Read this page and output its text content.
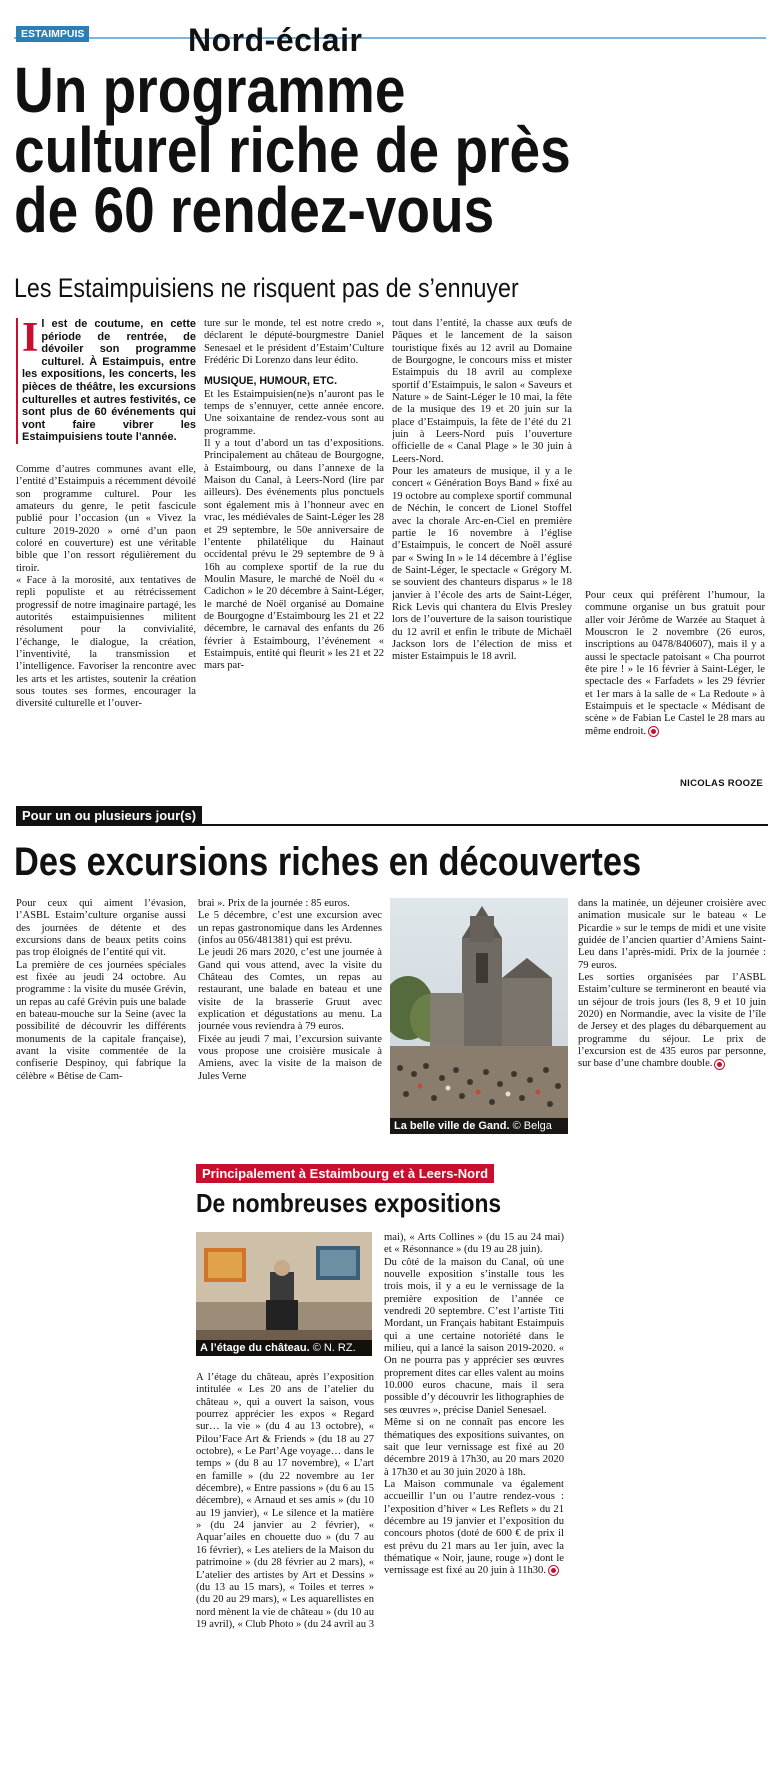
ESTAIMPUIS	Nord-éclair
Un programme
culturel riche de près
de 60 rendez-vous
Les Estaimpuisiens ne risquent pas de s’ennuyer
Il est de coutume, en cette période de rentrée, de dévoiler son programme culturel. À Estaimpuis, entre les expositions, les concerts, les pièces de théâtre, les excursions culturelles et autres festivités, ce sont plus de 60 événements qui vont faire vibrer les Estaimpuisiens toute l’année.

Comme d’autres communes avant elle, l’entité d’Estaimpuis a récemment dévoilé son programme culturel. Pour les amateurs du genre, le petit fascicule publié pour l’occasion (un « Vivez la culture 2019-2020 » orné d’un paon coloré en couverture) est une véritable bible que l’on ressort régulièrement du tiroir.

« Face à la morosité, aux tentatives de repli populiste et au rétrécissement progressif de notre imaginaire partagé, les autorités estaimpuisiennes militent résolument pour la convivialité, l’échange, le dialogue, la création, l’inventivité, la transmission et l’intelligence. Favoriser la rencontre avec les arts et les artistes, soutenir la création sous toutes ses formes, encourager la diversité culturelle et l’ouver-

ture sur le monde, tel est notre credo », déclarent le député-bourgmestre Daniel Senesael et le président d’Estaim’Culture Frédéric Di Lorenzo dans leur édito.

MUSIQUE, HUMOUR, ETC.

Et les Estaimpuisien(ne)s n’auront pas le temps de s’ennuyer, cette année encore. Une soixantaine de rendez-vous sont au programme.

Il y a tout d’abord un tas d’expositions. Principalement au château de Bourgogne, à Estaimbourg, ou dans l’annexe de la Maison du Canal, à Leers-Nord (lire par ailleurs). Des événements plus ponctuels sont également mis à l’honneur avec en vrac, les médiévales de Saint-Léger les 28 et 29 septembre, le 50e anniversaire de l’entente philatélique du Hainaut occidental prévu le 29 septembre de 9 à 16h au complexe sportif de la rue du Moulin Masure, le marché de Noël du « Cadichon » le 20 décembre à Saint-Léger, le marché de Noël organisé au Domaine de Bourgogne d’Estaimbourg les 21 et 22 décembre, le carnaval des enfants du 26 février à Estaimbourg, l’événement « Estaimpuis, entité qui fleurit » les 21 et 22 mars par-

tout dans l’entité, la chasse aux œufs de Pâques et le lancement de la saison touristique fixés au 12 avril au Domaine de Bourgogne, le concours miss et mister Estaimpuis du 18 avril au complexe sportif d’Estaimpuis, le salon « Saveurs et Nature » de Saint-Léger le 10 mai, la fête de la musique des 19 et 20 juin sur la place d’Estaimpuis, la fête de l’été du 21 juin à Leers-Nord puis l’ouverture officielle de « Canal Plage » le 30 juin à Leers-Nord.

Pour les amateurs de musique, il y a le concert « Génération Boys Band » fixé au 19 octobre au complexe sportif communal de Néchin, le concert de Lionel Stoffel avec la chorale Arc-en-Ciel en première partie le 16 novembre à l’église d’Estaimpuis, le concert de Noël assuré par « Swing In » le 14 décembre à l’église de Saint-Léger, le spectacle « Grégory M. se souvient des chanteurs disparus » le 18 janvier à l’école des arts de Saint-Léger, Rick Levis qui chantera du Elvis Presley lors de l’ouverture de la saison touristique du 12 avril et enfin le tribute de Michaël Jackson lors de l’élection de miss et mister Estaimpuis le 18 avril.

Pour ceux qui préfèrent l’humour, la commune organise un bus gratuit pour aller voir Jérôme de Warzée au Staquet à Mouscron le 2 novembre (26 euros, inscriptions au 0478/840607), mais il y a aussi le spectacle patoisant « Cha pourrot ête pire ! » le 16 février à Saint-Léger, le spectacle des « Farfadets » les 29 février et 1er mars à la salle de « La Redoute » à Estaimpuis et le spectacle « Médisant de scène » de Fabian Le Castel le 28 mars au même endroit.

NICOLAS ROOZE
Pour un ou plusieurs jour(s)
Des excursions riches en découvertes

Pour ceux qui aiment l’évasion, l’ASBL Estaim’culture organise aussi des journées de détente et des excursions dans de beaux petits coins pas trop éloignés de l’entité qui vit.

La première de ces journées spéciales est fixée au jeudi 24 octobre. Au programme : la visite du musée Grévin, un repas au café Grévin puis une balade en bateau-mouche sur la Seine (avec la possibilité de découvrir les différents monuments de la capitale française), avant la visite commentée de la confiserie Despinoy, qui fabrique la célèbre « Bêtise de Cam-

brai ». Prix de la journée : 85 euros.

Le 5 décembre, c’est une excursion avec un repas gastronomique dans les Ardennes (infos au 056/481381) qui est prévu.

Le jeudi 26 mars 2020, c’est une journée à Gand qui vous attend, avec la visite du Château des Comtes, un repas au restaurant, une balade en bateau et une visite de la brasserie Gruut avec explication et dégustations au menu. La journée vous reviendra à 79 euros.

Fixée au jeudi 7 mai, l’excursion suivante vous propose une croisière musicale à Amiens, avec la visite de la maison de Jules Verne

La belle ville de Gand. © Belga

dans la matinée, un déjeuner croisière avec animation musicale sur le bateau « Le Picardie » sur le temps de midi et une visite guidée de l’ancien quartier d’Amiens Saint-Leu dans l’après-midi. Prix de la journée : 79 euros.

Les sorties organisées par l’ASBL Estaim’culture se termineront en beauté via un séjour de trois jours (les 8, 9 et 10 juin 2020) en Normandie, avec la visite de l’île de Jersey et des plages du débarquement au programme du séjour. Le prix de l’excursion est de 435 euros par personne, sur base d’une chambre double.

Principalement à Estaimbourg et à Leers-Nord
De nombreuses expositions
A l’étage du château. © N. RZ.

A l’étage du château, après l’exposition intitulée « Les 20 ans de l’atelier du château », qui a ouvert la saison, vous pourrez apprécier les expos « Regard sur… la vie » (du 4 au 13 octobre), « Pilou’Face Art & Friends » (du 18 au 27 octobre), « Le Part’Age voyage… dans le temps » (du 8 au 17 novembre), « L’art en famille » (du 22 novembre au 1er décembre), « Entre passions » (du 6 au 15 décembre), « Arnaud et ses amis » (du 10 au 19 janvier), « Le silence et la matière » (du 24 janvier au 2 février), « Aquar’ailes en chouette duo » (du 7 au 16 février), « Les ateliers de la Maison du patrimoine » (du 28 février au 2 mars), « L’atelier des artistes by Art et Dessins » (du 13 au 15 mars), « Toiles et terres » (du 20 au 29 mars), « Les aquarellistes en nord mènent la vie de château » (du 10 au 19 avril), « Club Photo » (du 24 avril au 3

mai), « Arts Collines » (du 15 au 24 mai) et « Résonnance » (du 19 au 28 juin).

Du côté de la maison du Canal, où une nouvelle exposition s’installe tous les trois mois, il y a eu le vernissage de la première exposition de l’année ce vendredi 20 septembre. C’est l’artiste Titi Mordant, un Français habitant Estaimpuis qui a une certaine notoriété dans le milieu, qui a lancé la saison 2019-2020. « On ne pourra pas y apprécier ses œuvres proprement dites car elles valent au moins 10.000 euros chacune, mais il sera possible d’y découvrir les lithographies de ses œuvres », précise Daniel Senesael.

Même si on ne connaît pas encore les thématiques des expositions suivantes, on sait que leur vernissage est fixé au 20 décembre 2019 à 17h30, au 20 mars 2020 à 17h30 et au 30 juin 2020 à 18h.

La Maison communale va également accueillir l’un ou l’autre rendez-vous : l’exposition d’hiver « Les Reflets » du 21 décembre au 19 janvier et l’exposition du concours photos (doté de 600 € de prix il est prévu du 21 mars au 1er juin, avec la thématique « Noir, jaune, rouge ») dont le vernissage est fixé au 20 juin à 11h30.
